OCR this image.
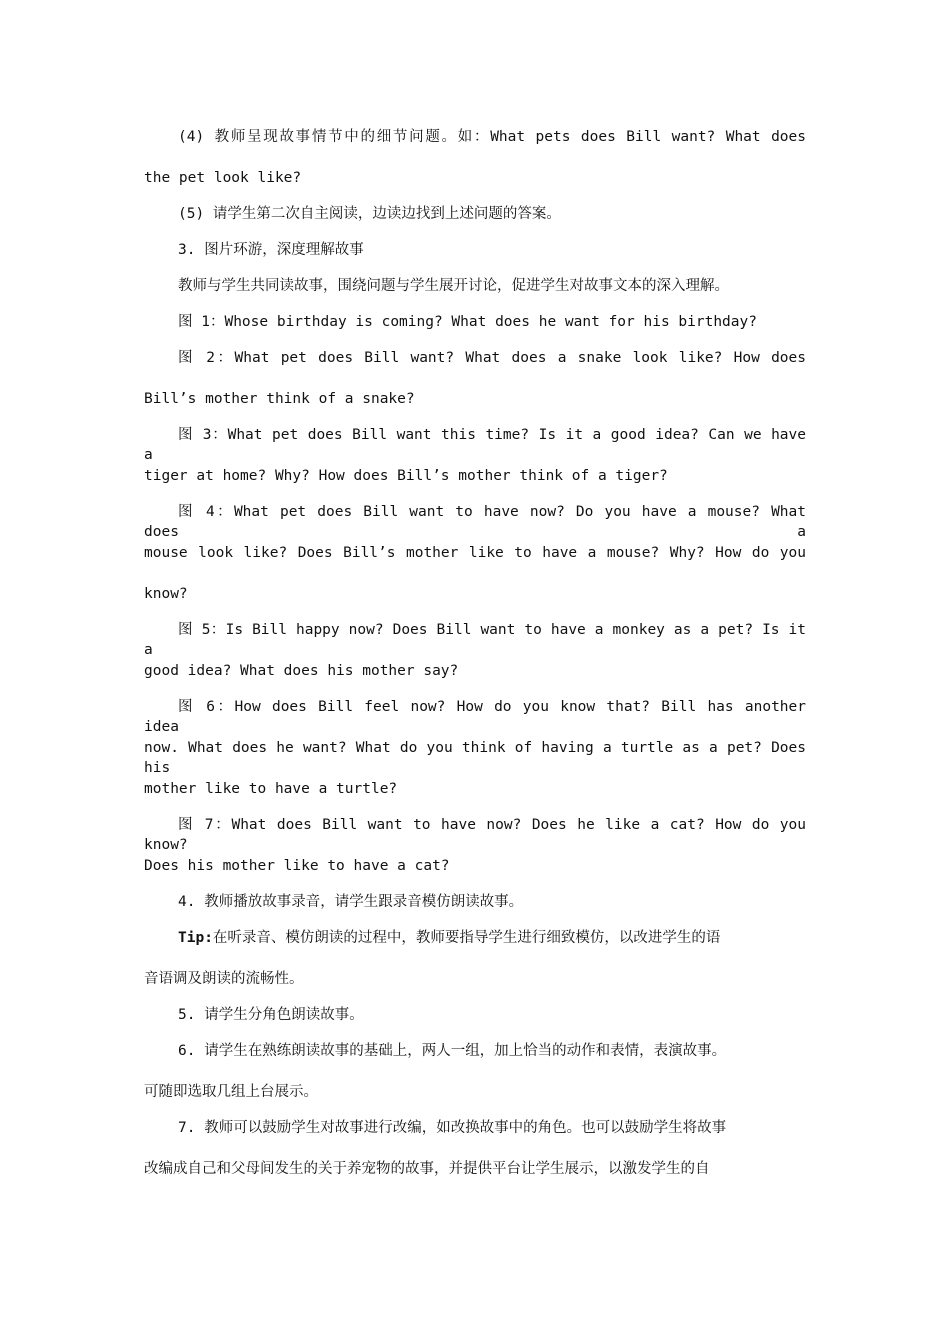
(4) 教师呈现故事情节中的细节问题。如：What pets does Bill want? What does
the pet look like?
(5) 请学生第二次自主阅读，边读边找到上述问题的答案。
3. 图片环游，深度理解故事
教师与学生共同读故事，围绕问题与学生展开讨论，促进学生对故事文本的深入理解。
图 1：Whose birthday is coming? What does he want for his birthday?
图 2：What pet does Bill want? What does a snake look like? How does
Bill’s mother think of a snake?
图 3：What pet does Bill want this time? Is it a good idea? Can we have a
tiger at home? Why? How does Bill’s mother think of a tiger?
图 4：What pet does Bill want to have now? Do you have a mouse? What does a
mouse look like? Does Bill’s mother like to have a mouse? Why? How do you
know?
图 5：Is Bill happy now? Does Bill want to have a monkey as a pet? Is it a
good idea? What does his mother say?
图 6：How does Bill feel now? How do you know that? Bill has another idea
now. What does he want? What do you think of having a turtle as a pet? Does his
mother like to have a turtle?
图 7：What does Bill want to have now? Does he like a cat? How do you know?
Does his mother like to have a cat?
4. 教师播放故事录音，请学生跟录音模仿朗读故事。
Tip:在听录音、模仿朗读的过程中，教师要指导学生进行细致模仿，以改进学生的语
音语调及朗读的流畅性。
5. 请学生分角色朗读故事。
6. 请学生在熟练朗读故事的基础上，两人一组，加上恰当的动作和表情，表演故事。
可随即选取几组上台展示。
7. 教师可以鼓励学生对故事进行改编，如改换故事中的角色。也可以鼓励学生将故事
改编成自己和父母间发生的关于养宠物的故事，并提供平台让学生展示，以激发学生的自
